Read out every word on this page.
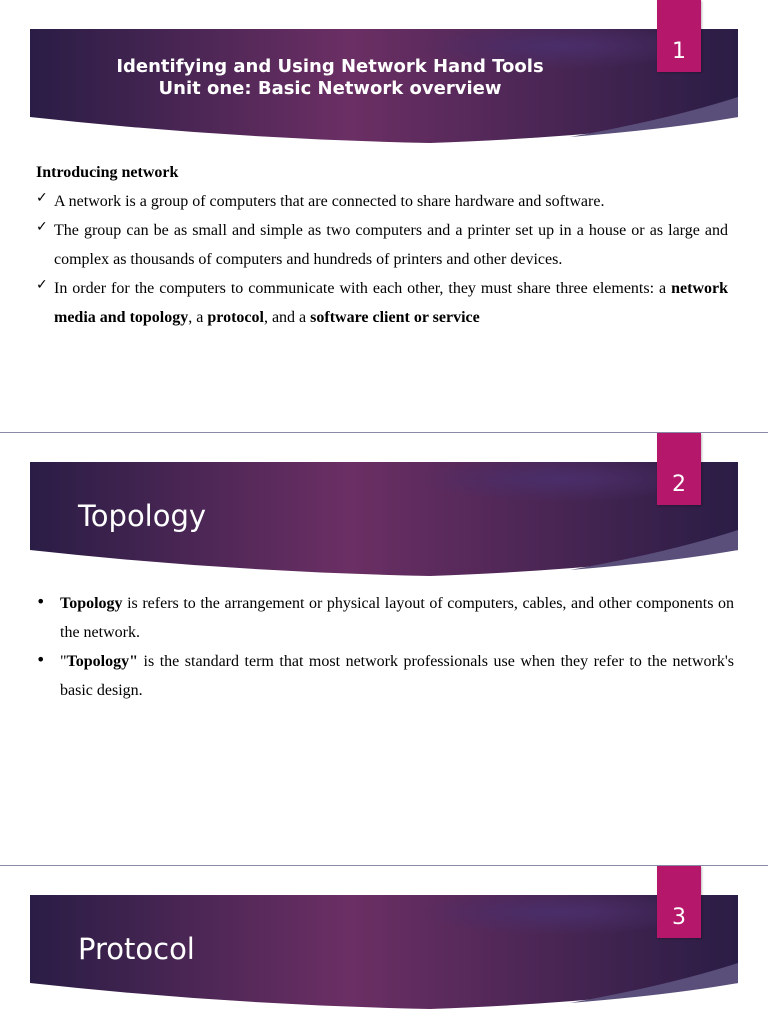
1
Identifying and Using Network Hand Tools
Unit one: Basic Network overview

Introducing network

✓ A network is a group of computers that are connected to share hardware and software.
✓ The group can be as small and simple as two computers and a printer set up in a house or as large and complex as thousands of computers and hundreds of printers and other devices.
✓ In order for the computers to communicate with each other, they must share three elements: a network media and topology, a protocol, and a software client or service
2
Topology
• Topology is refers to the arrangement or physical layout of computers, cables, and other components on the network.
• "Topology" is the standard term that most network professionals use when they refer to the network's basic design.
3
Protocol
